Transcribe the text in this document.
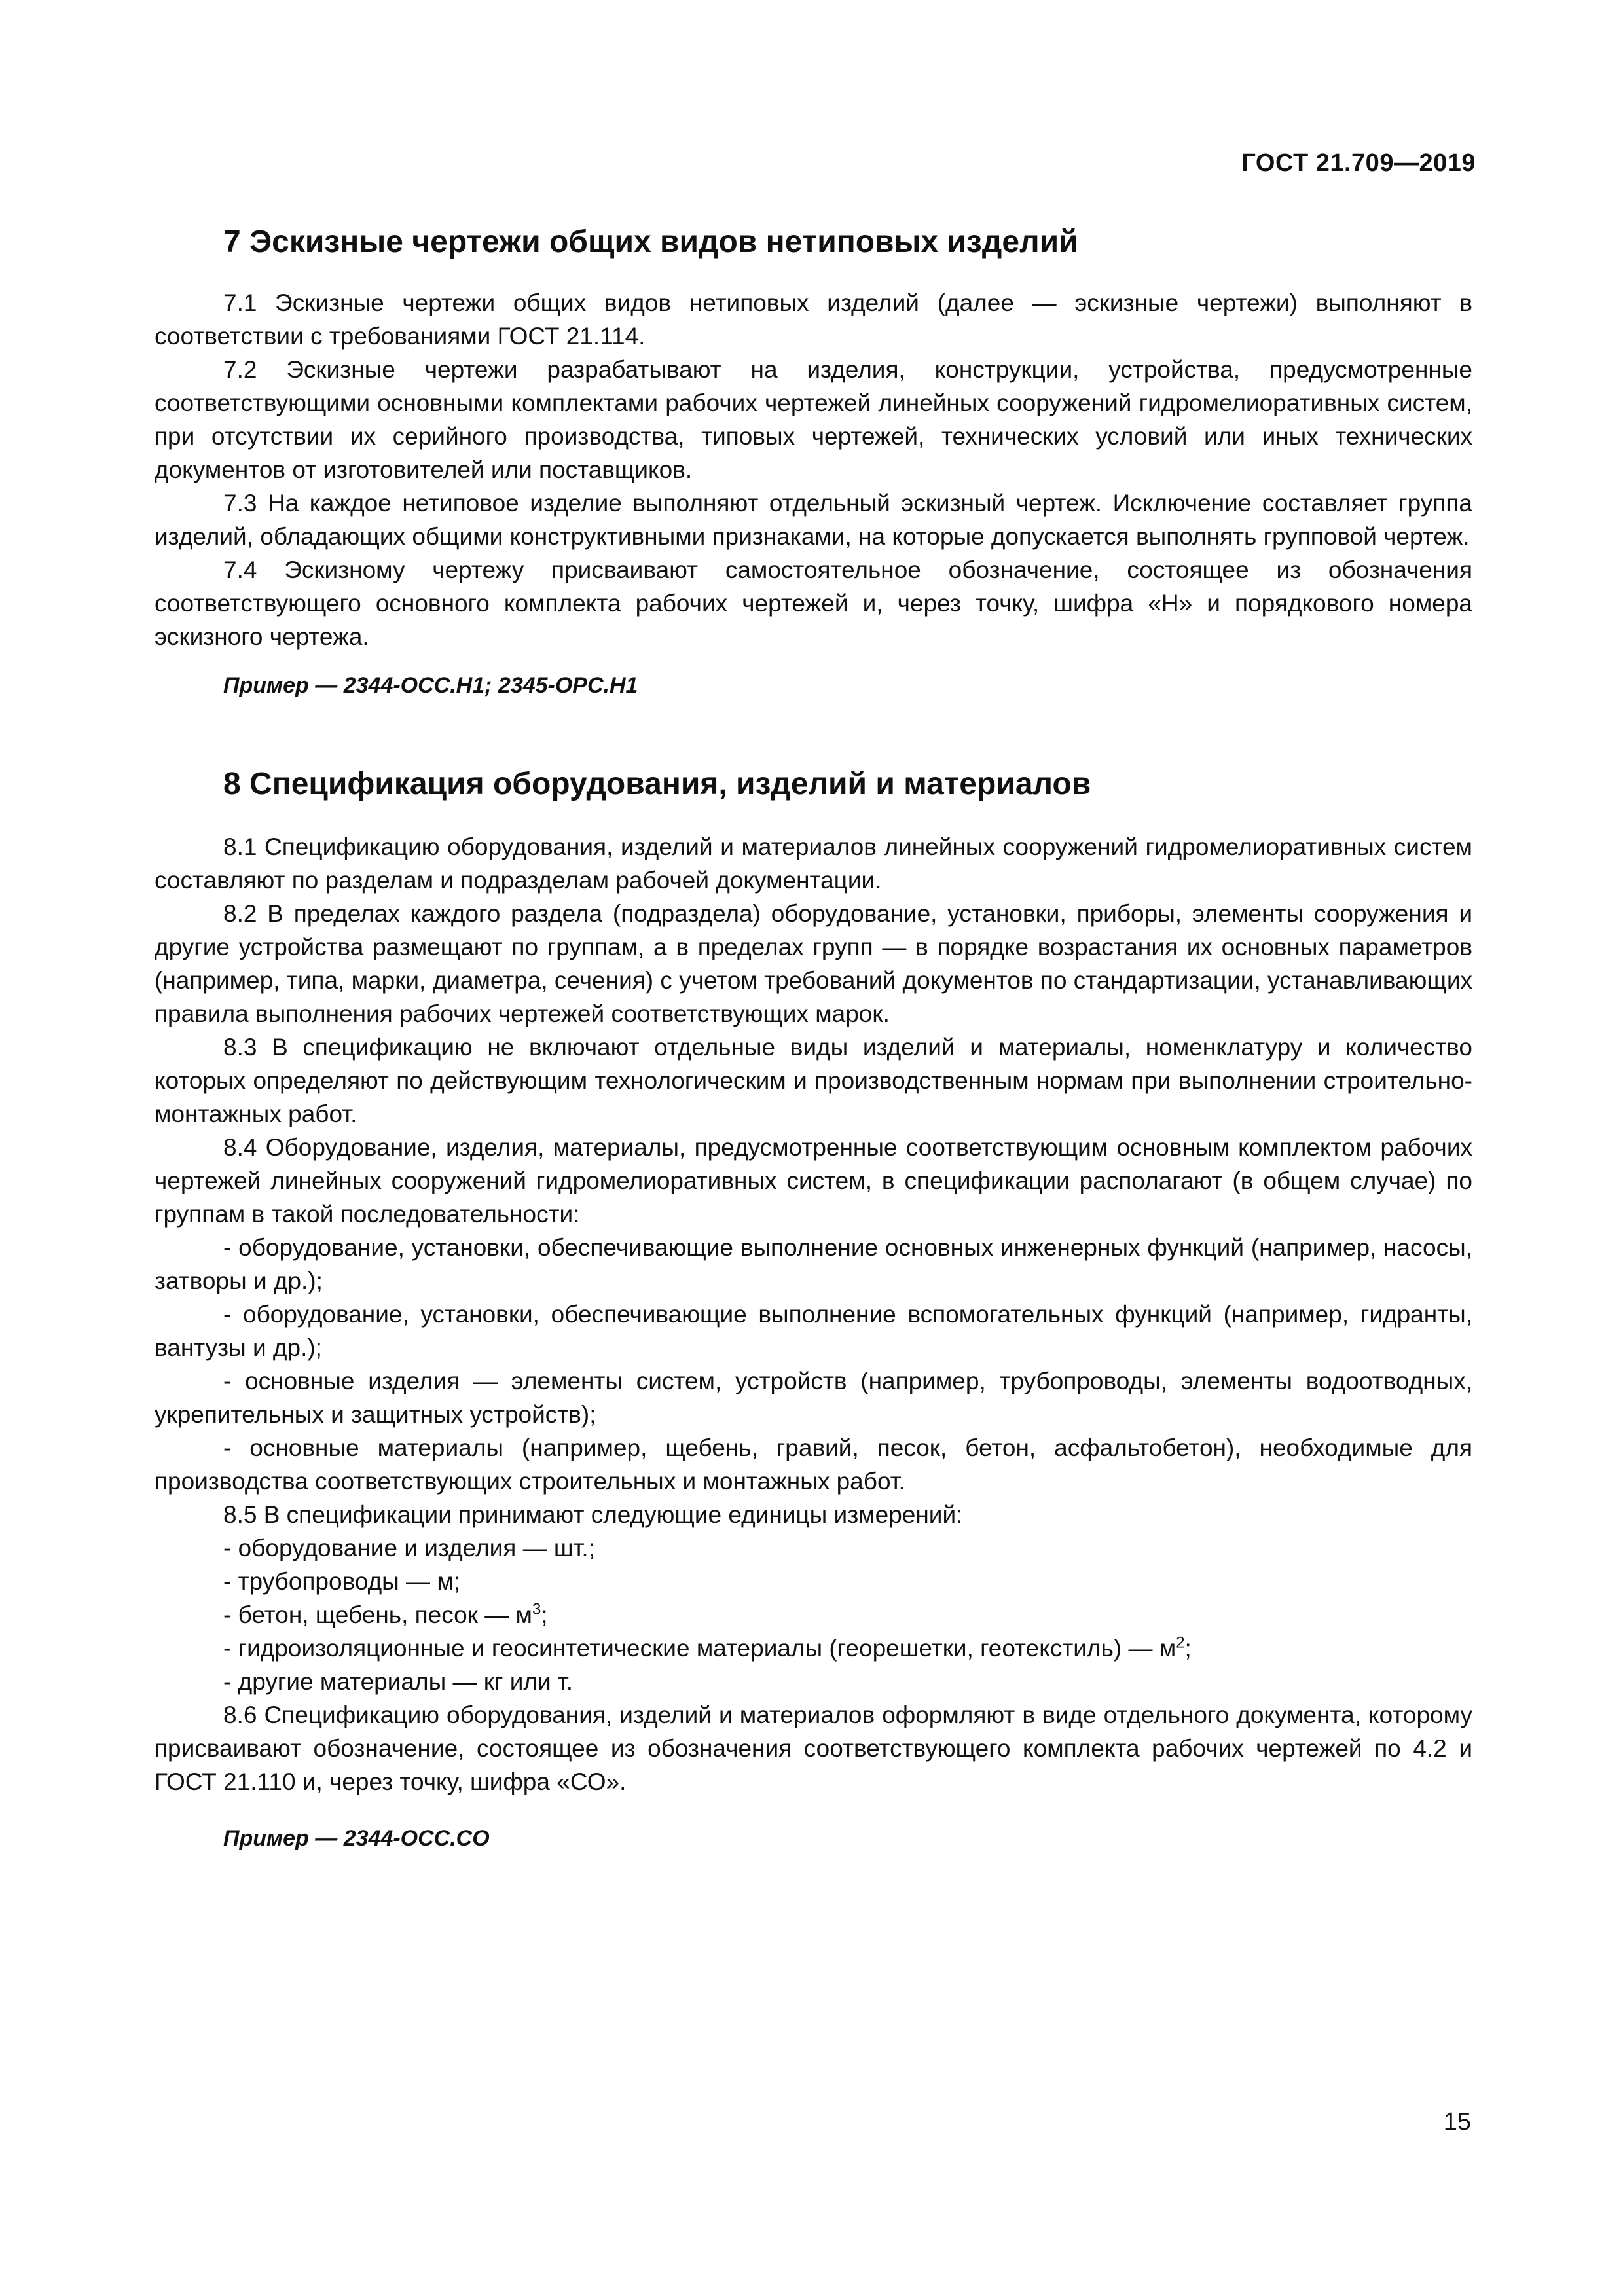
ГОСТ 21.709—2019
7 Эскизные чертежи общих видов нетиповых изделий

7.1 Эскизные чертежи общих видов нетиповых изделий (далее — эскизные чертежи) выполняют в соответствии с требованиями ГОСТ 21.114.

7.2 Эскизные чертежи разрабатывают на изделия, конструкции, устройства, предусмотренные соответствующими основными комплектами рабочих чертежей линейных сооружений гидромелиоративных систем, при отсутствии их серийного производства, типовых чертежей, технических условий или иных технических документов от изготовителей или поставщиков.

7.3 На каждое нетиповое изделие выполняют отдельный эскизный чертеж. Исключение составляет группа изделий, обладающих общими конструктивными признаками, на которые допускается выполнять групповой чертеж.

7.4 Эскизному чертежу присваивают самостоятельное обозначение, состоящее из обозначения соответствующего основного комплекта рабочих чертежей и, через точку, шифра «Н» и порядкового номера эскизного чертежа.

Пример — 2344-ОСС.Н1; 2345-ОРС.Н1

8 Спецификация оборудования, изделий и материалов

8.1 Спецификацию оборудования, изделий и материалов линейных сооружений гидромелиоративных систем составляют по разделам и подразделам рабочей документации.

8.2 В пределах каждого раздела (подраздела) оборудование, установки, приборы, элементы сооружения и другие устройства размещают по группам, а в пределах групп — в порядке возрастания их основных параметров (например, типа, марки, диаметра, сечения) с учетом требований документов по стандартизации, устанавливающих правила выполнения рабочих чертежей соответствующих марок.

8.3 В спецификацию не включают отдельные виды изделий и материалы, номенклатуру и количество которых определяют по действующим технологическим и производственным нормам при выполнении строительно-монтажных работ.

8.4 Оборудование, изделия, материалы, предусмотренные соответствующим основным комплектом рабочих чертежей линейных сооружений гидромелиоративных систем, в спецификации располагают (в общем случае) по группам в такой последовательности:

- оборудование, установки, обеспечивающие выполнение основных инженерных функций (например, насосы, затворы и др.);

- оборудование, установки, обеспечивающие выполнение вспомогательных функций (например, гидранты, вантузы и др.);

- основные изделия — элементы систем, устройств (например, трубопроводы, элементы водоотводных, укрепительных и защитных устройств);

- основные материалы (например, щебень, гравий, песок, бетон, асфальтобетон), необходимые для производства соответствующих строительных и монтажных работ.

8.5 В спецификации принимают следующие единицы измерений:

- оборудование и изделия — шт.;

- трубопроводы — м;

- бетон, щебень, песок — $м^3$;

- гидроизоляционные и геосинтетические материалы (георешетки, геотекстиль) — $м^2$;

- другие материалы — кг или т.

8.6 Спецификацию оборудования, изделий и материалов оформляют в виде отдельного документа, которому присваивают обозначение, состоящее из обозначения соответствующего комплекта рабочих чертежей по 4.2 и ГОСТ 21.110 и, через точку, шифра «СО».

Пример — 2344-ОСС.СО

15
